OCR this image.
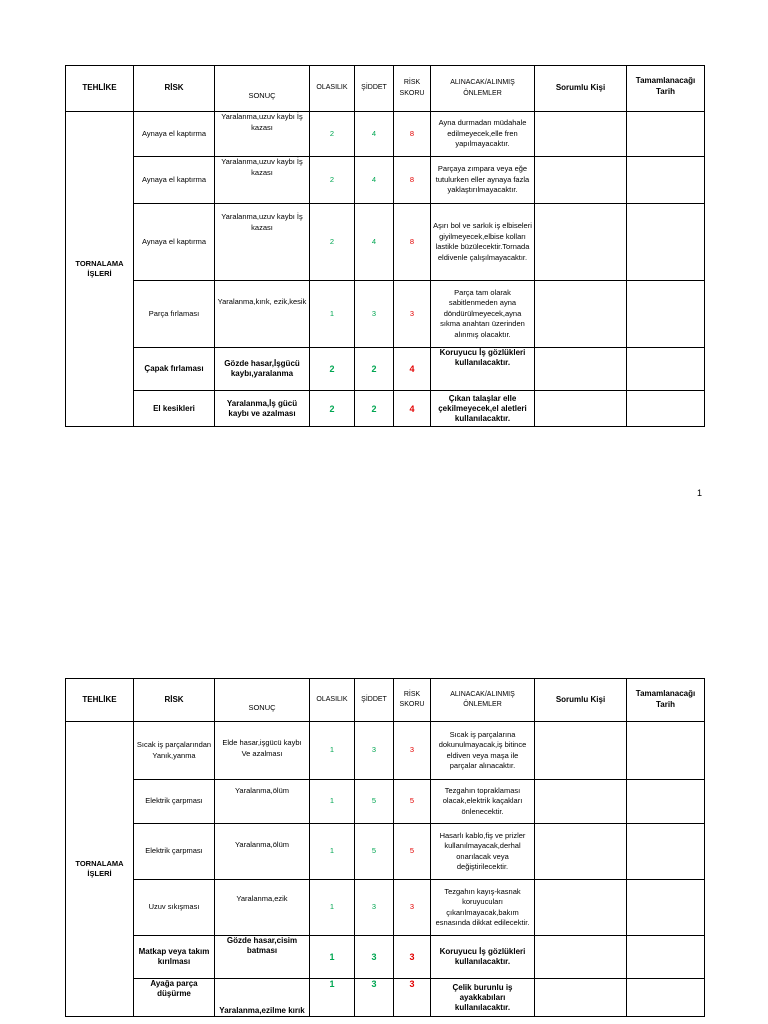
TEHLİKE	RİSK	SONUÇ	OLASILIK	ŞİDDET	RİSK SKORU	ALINACAK/ALINMIŞ ÖNLEMLER	Sorumlu Kişi	Tamamlanacağı Tarih
TORNALAMA İŞLERİ	Aynaya el kaptırma	Yaralanma,uzuv kaybı İş kazası	2	4	8	Ayna durmadan müdahale edilmeyecek,elle fren yapılmayacaktır.		
	Aynaya el kaptırma	Yaralanma,uzuv kaybı İş kazası	2	4	8	Parçaya zımpara veya eğe tutulurken eller aynaya fazla yaklaştırılmayacaktır.		
	Aynaya el kaptırma	Yaralanma,uzuv kaybı İş kazası	2	4	8	Aşırı bol ve sarkık iş elbiseleri giyilmeyecek,elbise kolları lastikle büzülecektir.Tornada eldivenle çalışılmayacaktır.		
	Parça fırlaması	Yaralanma,kırık, ezik,kesik	1	3	3	Parça tam olarak sabitlenmeden ayna döndürülmeyecek,ayna sıkma anahtarı üzerinden alınmış olacaktır.		
	Çapak fırlaması	Gözde hasar,İşgücü kaybı,yaralanma	2	2	4	Koruyucu İş gözlükleri kullanılacaktır.		
	El kesikleri	Yaralanma,İş gücü kaybı ve azalması	2	2	4	Çıkan talaşlar elle çekilmeyecek,el aletleri kullanılacaktır.		
1
TEHLİKE	RİSK	SONUÇ	OLASILIK	ŞİDDET	RİSK SKORU	ALINACAK/ALINMIŞ ÖNLEMLER	Sorumlu Kişi	Tamamlanacağı Tarih
TORNALAMA İŞLERİ	Sıcak iş parçalarından Yanık,yanma	Elde hasar,işgücü kaybı Ve azalması	1	3	3	Sıcak iş parçalarına dokunulmayacak,iş bitince eldiven veya maşa ile parçalar alınacaktır.		
	Elektrik çarpması	Yaralanma,ölüm	1	5	5	Tezgahın topraklaması olacak,elektrik kaçakları önlenecektir.		
	Elektrik çarpması	Yaralanma,ölüm	1	5	5	Hasarlı kablo,fiş ve prizler kullanılmayacak,derhal onarılacak veya değiştirilecektir.		
	Uzuv sıkışması	Yaralanma,ezik	1	3	3	Tezgahın kayış-kasnak koruyucuları çıkarılmayacak,bakım esnasında dikkat edilecektir.		
	Matkap veya takım kırılması	Gözde hasar,cisim batması	1	3	3	Koruyucu İş gözlükleri kullanılacaktır.		
	Ayağa parça düşürme	Yaralanma,ezilme kırık	1	3	3	Çelik burunlu iş ayakkabıları kullanılacaktır.		
